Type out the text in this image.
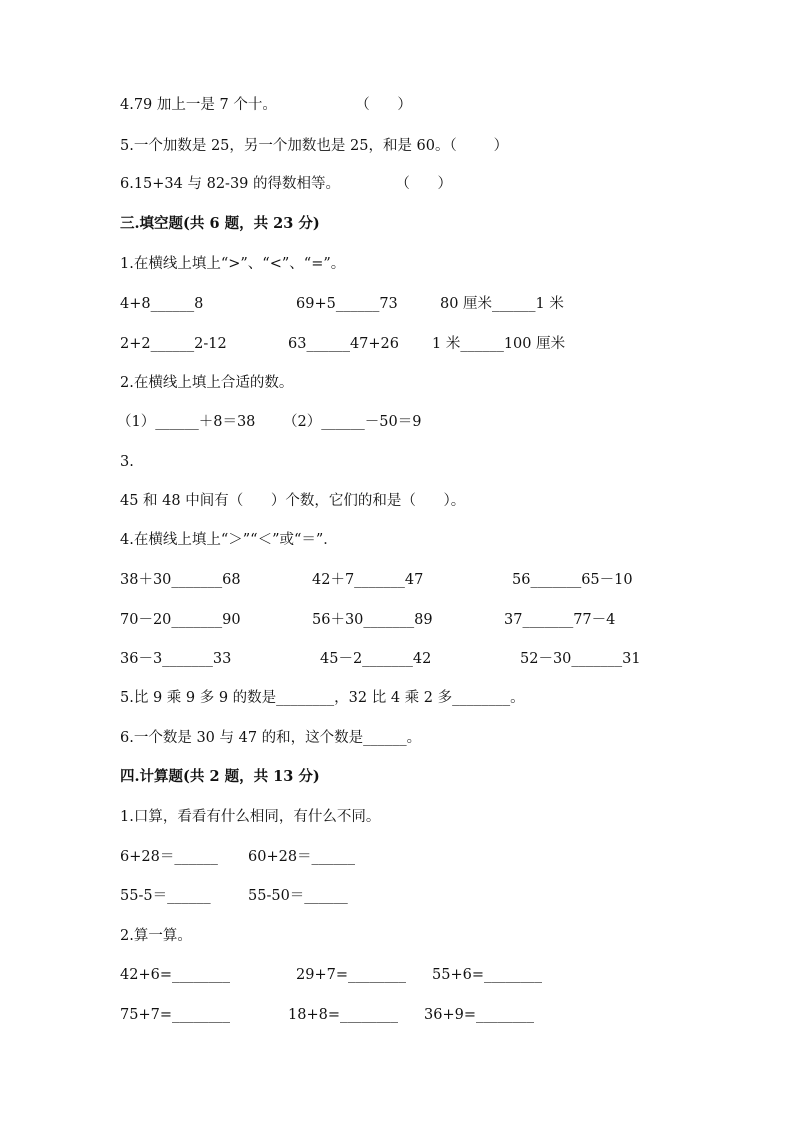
4.79 加上一是 7 个十。                 （      ）
5.一个加数是 25，另一个加数也是 25，和是 60。（        ）
6.15+34 与 82-39 的得数相等。            （      ）
三.填空题(共 6 题，共 23 分)
1.在横线上填上“>”、“<”、“=”。
4+8______8	69+5______73	80 厘米______1 米
2+2______2-12	63______47+26 1 米______100 厘米
2.在横线上填上合适的数。
（1）______＋8＝38      （2）______－50＝9
3.
45 和 48 中间有（      ）个数，它们的和是（      ）。
4.在横线上填上“＞”“＜”或“＝”．
38＋30_______68	42＋7_______47	56_______65－10
70－20_______90	56＋30_______89	37_______77－4
36－3_______33	45－2_______42	52－30_______31
5.比 9 乘 9 多 9 的数是________，32 比 4 乘 2 多________。
6.一个数是 30 与 47 的和，这个数是______。
四.计算题(共 2 题，共 13 分)
1.口算，看看有什么相同，有什么不同。
6+28＝______ 60+28＝______
55-5＝______	55-50＝______
2.算一算。
42+6=________	29+7=________ 55+6=________
75+7=________	18+8=________ 36+9=________
